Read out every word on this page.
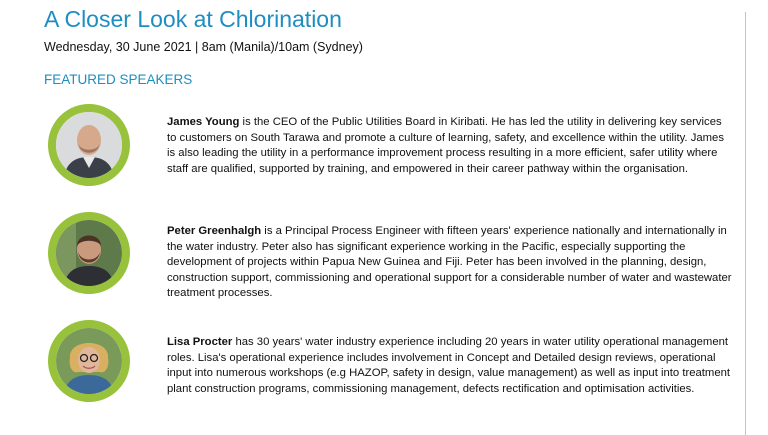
A Closer Look at Chlorination
Wednesday, 30 June 2021 | 8am (Manila)/10am (Sydney)
FEATURED SPEAKERS

James Young is the CEO of the Public Utilities Board in Kiribati. He has led the utility in delivering key services to customers on South Tarawa and promote a culture of learning, safety, and excellence within the utility. James is also leading the utility in a performance improvement process resulting in a more efficient, safer utility where staff are qualified, supported by training, and empowered in their career pathway within the organisation.

Peter Greenhalgh is a Principal Process Engineer with fifteen years' experience nationally and internationally in the water industry. Peter also has significant experience working in the Pacific, especially supporting the development of projects within Papua New Guinea and Fiji. Peter has been involved in the planning, design, construction support, commissioning and operational support for a considerable number of water and wastewater treatment processes.

Lisa Procter has 30 years' water industry experience including 20 years in water utility operational management roles. Lisa's operational experience includes involvement in Concept and Detailed design reviews, operational input into numerous workshops (e.g HAZOP, safety in design, value management) as well as input into treatment plant construction programs, commissioning management, defects rectification and optimisation activities.
